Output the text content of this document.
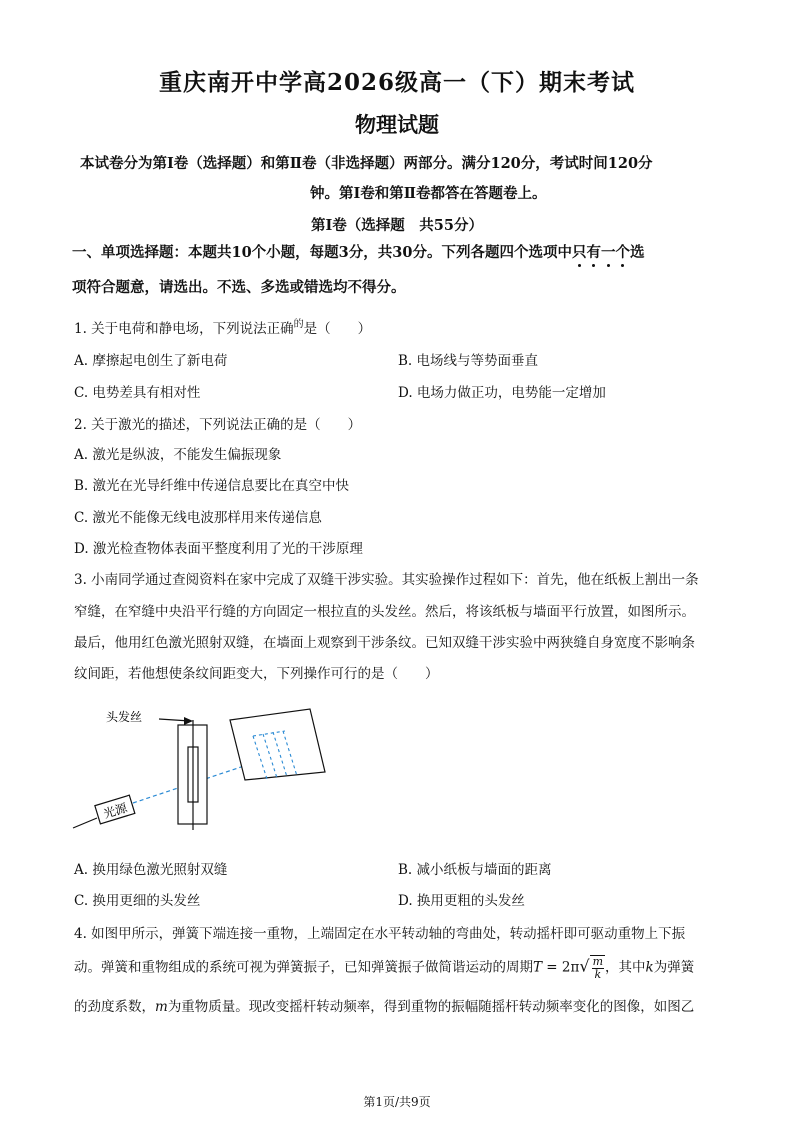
重庆南开中学高2026级高一（下）期末考试
物理试题
本试卷分为第Ⅰ卷（选择题）和第Ⅱ卷（非选择题）两部分。满分120分，考试时间120分
钟。第Ⅰ卷和第Ⅱ卷都答在答题卷上。
第Ⅰ卷（选择题　共55分）
一、单项选择题：本题共10个小题，每题3分，共30分。下列各题四个选项中只有一个选
项符合题意，请选出。不选、多选或错选均不得分。
1. 关于电荷和静电场，下列说法正确$^的$是（　　）
A. 摩擦起电创生了新电荷	B. 电场线与等势面垂直
C. 电势差具有相对性	D. 电场力做正功，电势能一定增加
2. 关于激光的描述，下列说法正确的是（　　）
A. 激光是纵波，不能发生偏振现象
B. 激光在光导纤维中传递信息要比在真空中快
C. 激光不能像无线电波那样用来传递信息
D. 激光检查物体表面平整度利用了光的干涉原理
3. 小南同学通过查阅资料在家中完成了双缝干涉实验。其实验操作过程如下：首先，他在纸板上割出一条
窄缝，在窄缝中央沿平行缝的方向固定一根拉直的头发丝。然后，将该纸板与墙面平行放置，如图所示。
最后，他用红色激光照射双缝，在墙面上观察到干涉条纹。已知双缝干涉实验中两狭缝自身宽度不影响条
纹间距，若他想使条纹间距变大，下列操作可行的是（　　）
光源
头发丝
A. 换用绿色激光照射双缝	B. 减小纸板与墙面的距离
C. 换用更细的头发丝	D. 换用更粗的头发丝
4. 如图甲所示，弹簧下端连接一重物，上端固定在水平转动轴的弯曲处，转动摇杆即可驱动重物上下振
动。弹簧和重物组成的系统可视为弹簧振子，已知弹簧振子做简谐运动的周期$T = 2\pi√ \frac{m}{k}$ ，其中k为弹簧
的劲度系数，m为重物质量。现改变摇杆转动频率，得到重物的振幅随摇杆转动频率变化的图像，如图乙
第1页/共9页
